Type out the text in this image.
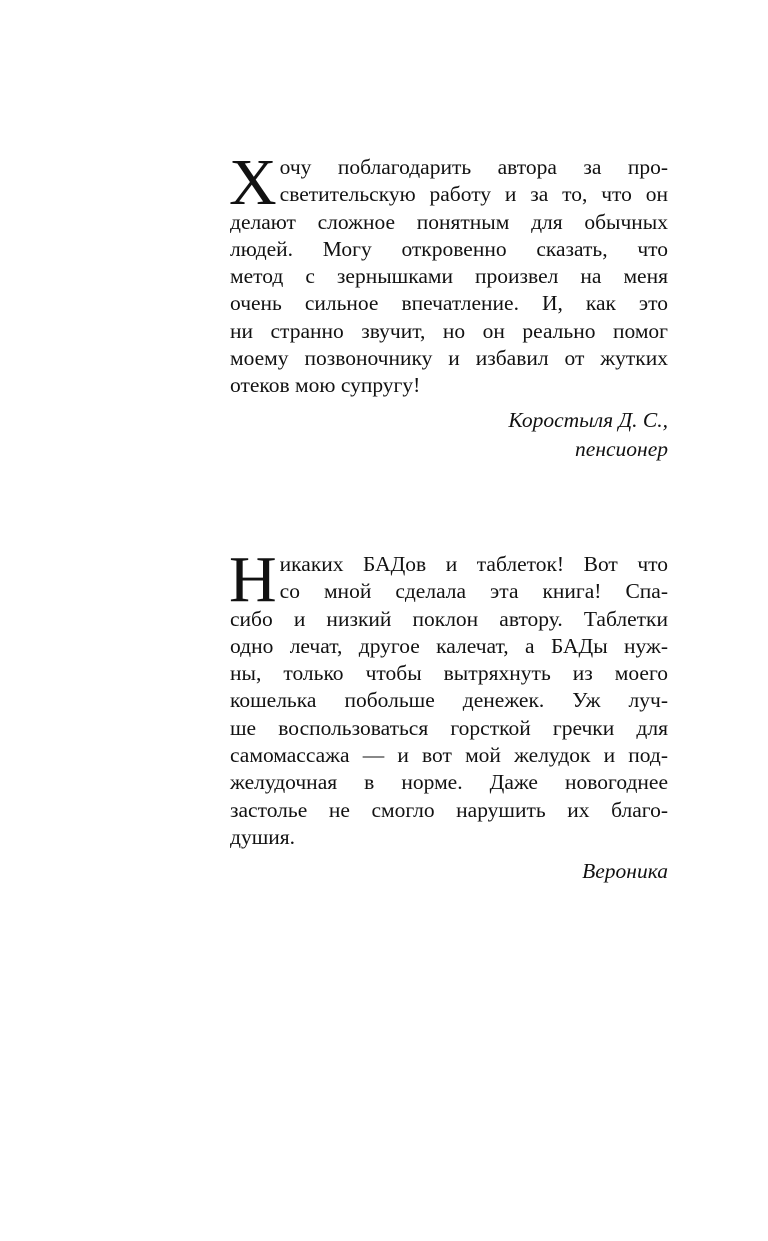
Х очу поблагодарить автора за про-
светительскую работу и за то, что он
делают сложное понятным для обычных
людей. Могу откровенно сказать, что
метод с зернышками произвел на меня
очень сильное впечатление. И, как это
ни странно звучит, но он реально помог
моему позвоночнику и избавил от жутких
отеков мою супругу!
Коростыля Д. С.,
пенсионер
Н икаких БАДов и таблеток! Вот что
со мной сделала эта книга! Спа-
сибо и низкий поклон автору. Таблетки
одно лечат, другое калечат, а БАДы нуж-
ны, только чтобы вытряхнуть из моего
кошелька побольше денежек. Уж луч-
ше воспользоваться горсткой гречки для
самомассажа — и вот мой желудок и под-
желудочная в норме. Даже новогоднее
застолье не смогло нарушить их благо-
душия.
Вероника
